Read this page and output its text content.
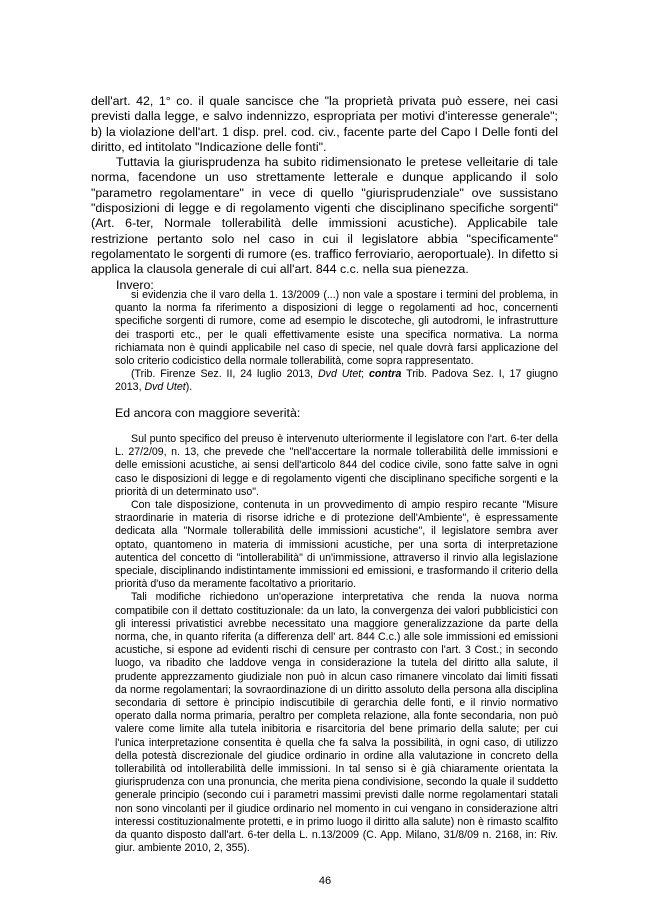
dell'art. 42, 1° co. il quale sancisce che "la proprietà privata può essere, nei casi previsti dalla legge, e salvo indennizzo, espropriata per motivi d'interesse generale"; b) la violazione dell'art. 1 disp. prel. cod. civ., facente parte del Capo I Delle fonti del diritto, ed intitolato "Indicazione delle fonti".

Tuttavia la giurisprudenza ha subito ridimensionato le pretese velleitarie di tale norma, facendone un uso strettamente letterale e dunque applicando il solo "parametro regolamentare" in vece di quello "giurisprudenziale" ove sussistano "disposizioni di legge e di regolamento vigenti che disciplinano specifiche sorgenti" (Art. 6-ter, Normale tollerabilità delle immissioni acustiche). Applicabile tale restrizione pertanto solo nel caso in cui il legislatore abbia "specificamente" regolamentato le sorgenti di rumore (es. traffico ferroviario, aeroportuale). In difetto si applica la clausola generale di cui all'art. 844 c.c. nella sua pienezza.

Invero:

si evidenzia che il varo della 1. 13/2009 (...) non vale a spostare i termini del problema, in quanto la norma fa riferimento a disposizioni di legge o regolamenti ad hoc, concernenti specifiche sorgenti di rumore, come ad esempio le discoteche, gli autodromi, le infrastrutture dei trasporti etc., per le quali effettivamente esiste una specifica normativa. La norma richiamata non è quindi applicabile nel caso di specie, nel quale dovrà farsi applicazione del solo criterio codicistico della normale tollerabilità, come sopra rappresentato.

(Trib. Firenze Sez. II, 24 luglio 2013, Dvd Utet; contra Trib. Padova Sez. I, 17 giugno 2013, Dvd Utet).

Ed ancora con maggiore severità:

Sul punto specifico del preuso è intervenuto ulteriormente il legislatore con l'art. 6-ter della L. 27/2/09, n. 13, che prevede che "nell'accertare la normale tollerabilità delle immissioni e delle emissioni acustiche, ai sensi dell'articolo 844 del codice civile, sono fatte salve in ogni caso le disposizioni di legge e di regolamento vigenti che disciplinano specifiche sorgenti e la priorità di un determinato uso".

Con tale disposizione, contenuta in un provvedimento di ampio respiro recante "Misure straordinarie in materia di risorse idriche e di protezione dell'Ambiente", è espressamente dedicata alla "Normale tollerabilità delle immissioni acustiche", il legislatore sembra aver optato, quantomeno in materia di immissioni acustiche, per una sorta di interpretazione autentica del concetto di "intollerabilità" di un'immissione, attraverso il rinvio alla legislazione speciale, disciplinando indistintamente immissioni ed emissioni, e trasformando il criterio della priorità d'uso da meramente facoltativo a prioritario.

Tali modifiche richiedono un'operazione interpretativa che renda la nuova norma compatibile con il dettato costituzionale: da un lato, la convergenza dei valori pubblicistici con gli interessi privatistici avrebbe necessitato una maggiore generalizzazione da parte della norma, che, in quanto riferita (a differenza dell' art. 844 C.c.) alle sole immissioni ed emissioni acustiche, si espone ad evidenti rischi di censure per contrasto con l'art. 3 Cost.; in secondo luogo, va ribadito che laddove venga in considerazione la tutela del diritto alla salute, il prudente apprezzamento giudiziale non può in alcun caso rimanere vincolato dai limiti fissati da norme regolamentari; la sovraordinazione di un diritto assoluto della persona alla disciplina secondaria di settore è principio indiscutibile di gerarchia delle fonti, e il rinvio normativo operato dalla norma primaria, peraltro per completa relazione, alla fonte secondaria, non può valere come limite alla tutela inibitoria e risarcitoria del bene primario della salute; per cui l'unica interpretazione consentita è quella che fa salva la possibilità, in ogni caso, di utilizzo della potestà discrezionale del giudice ordinario in ordine alla valutazione in concreto della tollerabilità od intollerabilità delle immissioni. In tal senso si è già chiaramente orientata la giurisprudenza con una pronuncia, che merita piena condivisione, secondo la quale il suddetto generale principio (secondo cui i parametri massimi previsti dalle norme regolamentari statali non sono vincolanti per il giudice ordinario nel momento in cui vengano in considerazione altri interessi costituzionalmente protetti, e in primo luogo il diritto alla salute) non è rimasto scalfito da quanto disposto dall'art. 6-ter della L. n.13/2009 (C. App. Milano, 31/8/09 n. 2168, in: Riv. giur. ambiente 2010, 2, 355).

46
